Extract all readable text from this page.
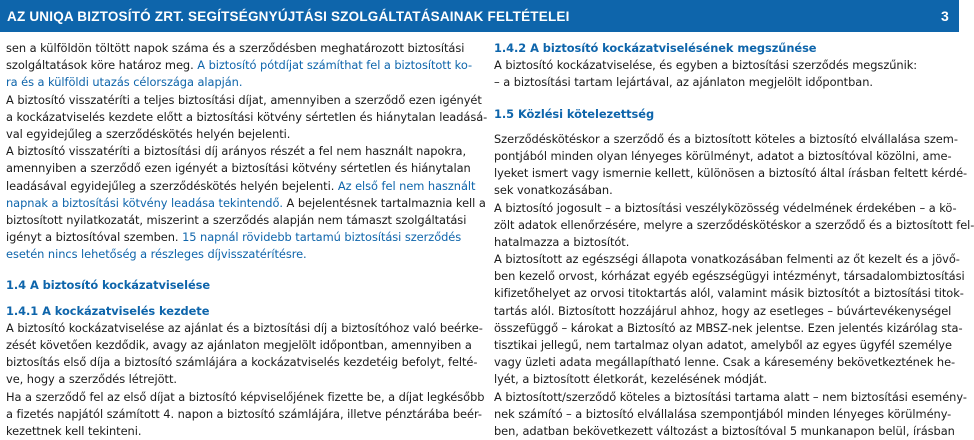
AZ UNIQA BIZTOSÍTÓ ZRT. SEGÍTSÉGNYÚJTÁSI SZOLGÁLTATÁSAINAK FELTÉTELEI	3
sen a külföldön töltött napok száma és a szerződésben meghatározott biztosítási
szolgáltatások köre határoz meg. A biztosító pótdíjat számíthat fel a biztosított ko-
ra és a külföldi utazás célországa alapján.
A biztosító visszatéríti a teljes biztosítási díjat, amennyiben a szerződő ezen igényét
a kockázatviselés kezdete előtt a biztosítási kötvény sértetlen és hiánytalan leadásá-
val egyidejűleg a szerződéskötés helyén bejelenti.
A biztosító visszatéríti a biztosítási díj arányos részét a fel nem használt napokra,
amennyiben a szerződő ezen igényét a biztosítási kötvény sértetlen és hiánytalan
leadásával egyidejűleg a szerződéskötés helyén bejelenti. Az első fel nem használt
napnak a biztosítási kötvény leadása tekintendő. A bejelentésnek tartalmaznia kell a
biztosított nyilatkozatát, miszerint a szerződés alapján nem támaszt szolgáltatási
igényt a biztosítóval szemben. 15 napnál rövidebb tartamú biztosítási szerződés
esetén nincs lehetőség a részleges díjvisszatérítésre.
1.4 A biztosító kockázatviselése
1.4.1 A kockázatviselés kezdete
A biztosító kockázatviselése az ajánlat és a biztosítási díj a biztosítóhoz való beérke-
zését követően kezdődik, avagy az ajánlaton megjelölt időpontban, amennyiben a
biztosítás első díja a biztosító számlájára a kockázatviselés kezdetéig befolyt, felté-
ve, hogy a szerződés létrejött.
Ha a szerződő fel az első díjat a biztosító képviselőjének fizette be, a díjat legkésőbb
a fizetés napjától számított 4. napon a biztosító számlájára, illetve pénztárába beér-
kezettnek kell tekinteni.
1.4.2 A biztosító kockázatviselésének megszűnése
A biztosító kockázatviselése, és egyben a biztosítási szerződés megszűnik:
– a biztosítási tartam lejártával, az ajánlaton megjelölt időpontban.
1.5 Közlési kötelezettség
Szerződéskötéskor a szerződő és a biztosított köteles a biztosító elvállalása szem-
pontjából minden olyan lényeges körülményt, adatot a biztosítóval közölni, ame-
lyeket ismert vagy ismernie kellett, különösen a biztosító által írásban feltett kérdé-
sek vonatkozásában.
A biztosító jogosult – a biztosítási veszélyközösség védelmének érdekében – a kö-
zölt adatok ellenőrzésére, melyre a szerződéskötéskor a szerződő és a biztosított fel-
hatalmazza a biztosítót.
A biztosított az egészségi állapota vonatkozásában felmenti az őt kezelt és a jövő-
ben kezelő orvost, kórházat egyéb egészségügyi intézményt, társadalombiztosítási
kifizetőhelyet az orvosi titoktartás alól, valamint másik biztosítót a biztosítási titok-
tartás alól. Biztosított hozzájárul ahhoz, hogy az esetleges – búvártevékenységel
összefüggő – károkat a Biztosító az MBSZ-nek jelentse. Ezen jelentés kizárólag sta-
tisztikai jellegű, nem tartalmaz olyan adatot, amelyből az egyes ügyfél személye
vagy üzleti adata megállapítható lenne. Csak a káresemény bekövetkeztének he-
lyét, a biztosított életkorát, kezelésének módját.
A biztosított/szerződő köteles a biztosítási tartama alatt – nem biztosítási esemény-
nek számító – a biztosító elvállalása szempontjából minden lényeges körülmény-
ben, adatban bekövetkezett változást a biztosítóval 5 munkanapon belül, írásban
